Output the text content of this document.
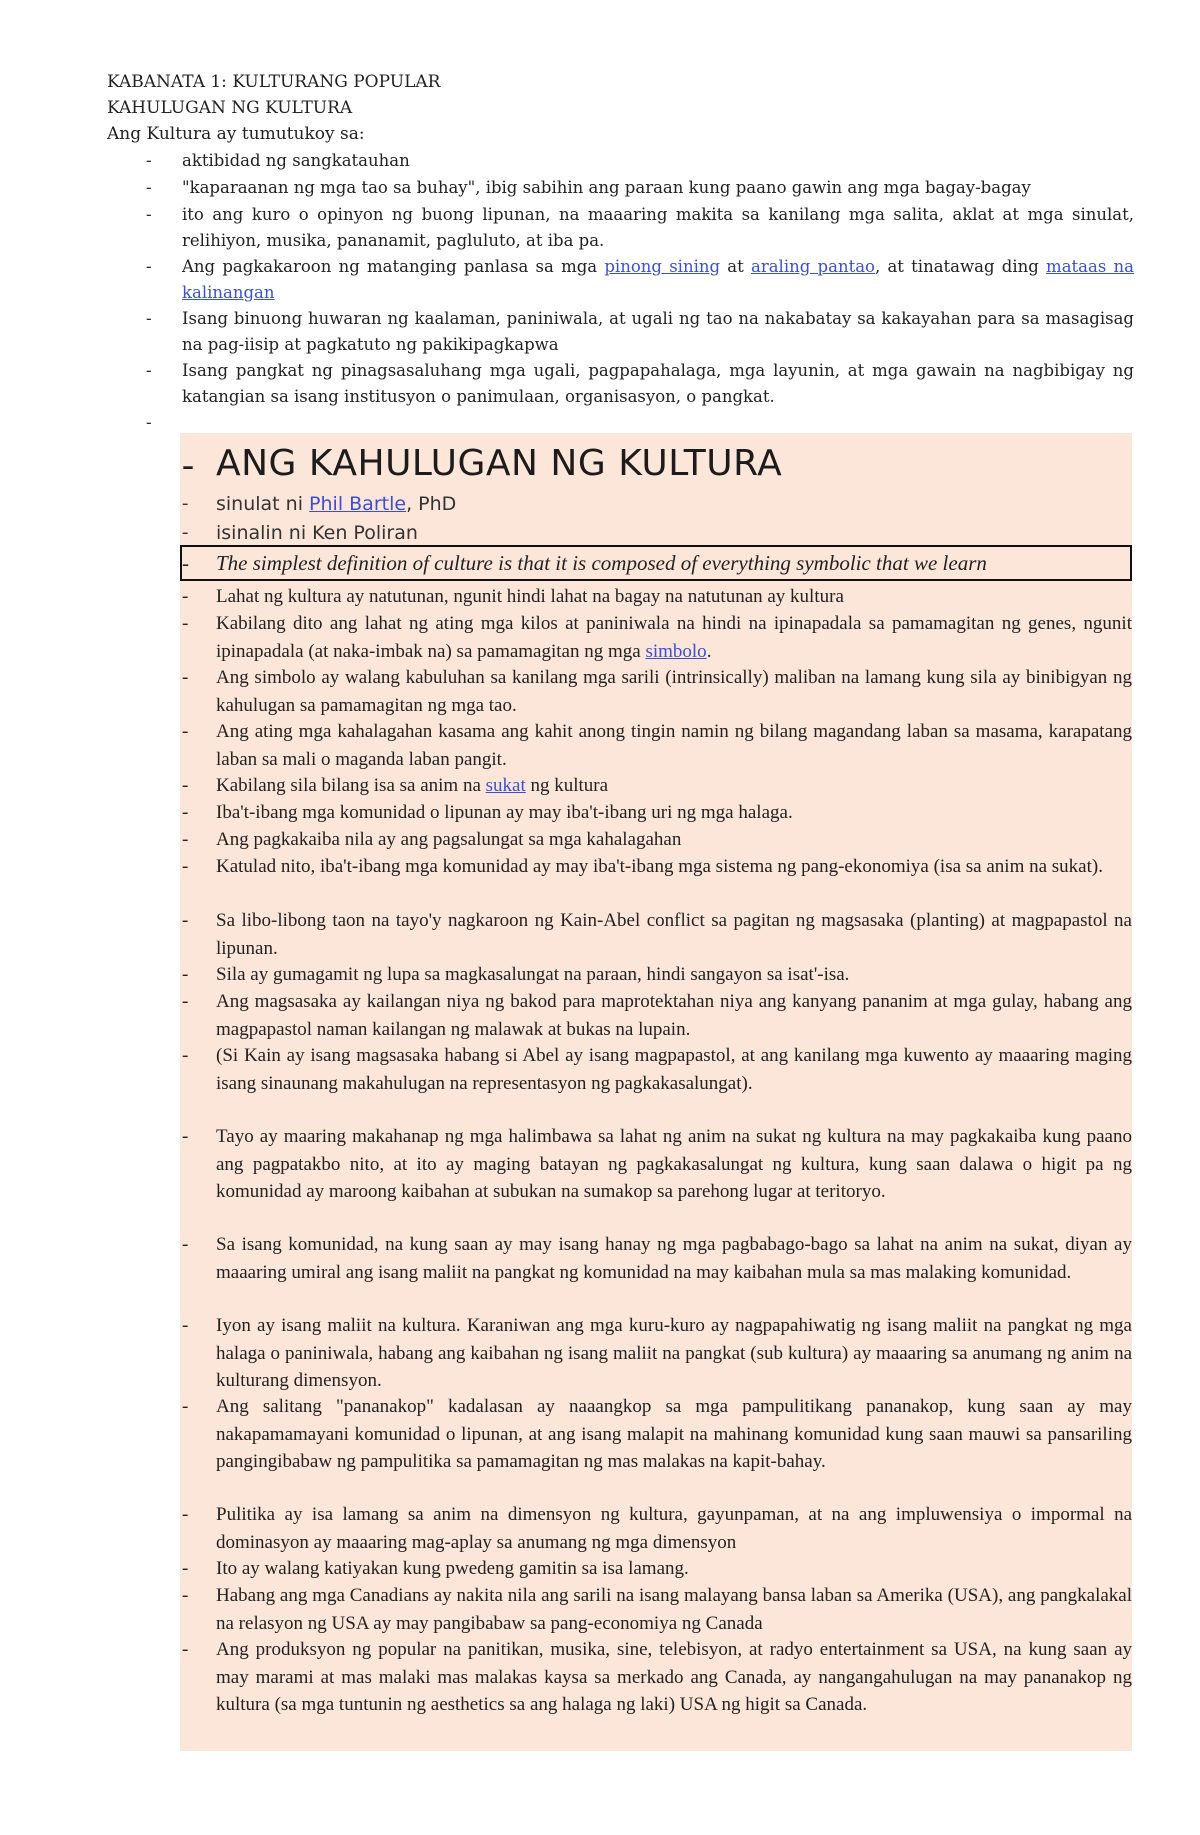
KABANATA 1: KULTURANG POPULAR
KAHULUGAN NG KULTURA
Ang Kultura ay tumutukoy sa:
- aktibidad ng sangkatauhan
- "kaparaanan ng mga tao sa buhay", ibig sabihin ang paraan kung paano gawin ang mga bagay-bagay
- ito ang kuro o opinyon ng buong lipunan, na maaaring makita sa kanilang mga salita, aklat at mga sinulat, relihiyon, musika, pananamit, pagluluto, at iba pa.
- Ang pagkakaroon ng matanging panlasa sa mga pinong sining at araling pantao, at tinatawag ding mataas na kalinangan
- Isang binuong huwaran ng kaalaman, paniniwala, at ugali ng tao na nakabatay sa kakayahan para sa masagisag na pag-iisip at pagkatuto ng pakikipagkapwa
- Isang pangkat ng pinagsasaluhang mga ugali, pagpapahalaga, mga layunin, at mga gawain na nagbibigay ng katangian sa isang institusyon o panimulaan, organisasyon, o pangkat.
- ANG KAHULUGAN NG KULTURA
- sinulat ni Phil Bartle, PhD
- isinalin ni Ken Poliran
- The simplest definition of culture is that it is composed of everything symbolic that we learn
- Lahat ng kultura ay natutunan, ngunit hindi lahat na bagay na natutunan ay kultura
- Kabilang dito ang lahat ng ating mga kilos at paniniwala na hindi na ipinapadala sa pamamagitan ng genes, ngunit ipinapadala (at naka-imbak na) sa pamamagitan ng mga simbolo.
- Ang simbolo ay walang kabuluhan sa kanilang mga sarili (intrinsically) maliban na lamang kung sila ay binibigyan ng kahulugan sa pamamagitan ng mga tao.
- Ang ating mga kahalagahan kasama ang kahit anong tingin namin ng bilang magandang laban sa masama, karapatang laban sa mali o maganda laban pangit.
- Kabilang sila bilang isa sa anim na sukat ng kultura
- Iba't-ibang mga komunidad o lipunan ay may iba't-ibang uri ng mga halaga.
- Ang pagkakaiba nila ay ang pagsalungat sa mga kahalagahan
- Katulad nito, iba't-ibang mga komunidad ay may iba't-ibang mga sistema ng pang-ekonomiya (isa sa anim na sukat).
- Sa libo-libong taon na tayo'y nagkaroon ng Kain-Abel conflict sa pagitan ng magsasaka (planting) at magpapastol na lipunan.
- Sila ay gumagamit ng lupa sa magkasalungat na paraan, hindi sangayon sa isat'-isa.
- Ang magsasaka ay kailangan niya ng bakod para maprotektahan niya ang kanyang pananim at mga gulay, habang ang magpapastol naman kailangan ng malawak at bukas na lupain.
- (Si Kain ay isang magsasaka habang si Abel ay isang magpapastol, at ang kanilang mga kuwento ay maaaring maging isang sinaunang makahulugan na representasyon ng pagkakasalungat).
- Tayo ay maaring makahanap ng mga halimbawa sa lahat ng anim na sukat ng kultura na may pagkakaiba kung paano ang pagpatakbo nito, at ito ay maging batayan ng pagkakasalungat ng kultura, kung saan dalawa o higit pa ng komunidad ay maroong kaibahan at subukan na sumakop sa parehong lugar at teritoryo.
- Sa isang komunidad, na kung saan ay may isang hanay ng mga pagbabago-bago sa lahat na anim na sukat, diyan ay maaaring umiral ang isang maliit na pangkat ng komunidad na may kaibahan mula sa mas malaking komunidad.
- Iyon ay isang maliit na kultura. Karaniwan ang mga kuru-kuro ay nagpapahiwatig ng isang maliit na pangkat ng mga halaga o paniniwala, habang ang kaibahan ng isang maliit na pangkat (sub kultura) ay maaaring sa anumang ng anim na kulturang dimensyon.
- Ang salitang "pananakop" kadalasan ay naaangkop sa mga pampulitikang pananakop, kung saan ay may nakapamamayani komunidad o lipunan, at ang isang malapit na mahinang komunidad kung saan mauwi sa pansariling pangingibabaw ng pampulitika sa pamamagitan ng mas malakas na kapit-bahay.
- Pulitika ay isa lamang sa anim na dimensyon ng kultura, gayunpaman, at na ang impluwensiya o impormal na dominasyon ay maaaring mag-aplay sa anumang ng mga dimensyon
- Ito ay walang katiyakan kung pwedeng gamitin sa isa lamang.
- Habang ang mga Canadians ay nakita nila ang sarili na isang malayang bansa laban sa Amerika (USA), ang pangkalakal na relasyon ng USA ay may pangibabaw sa pang-economiya ng Canada
- Ang produksyon ng popular na panitikan, musika, sine, telebisyon, at radyo entertainment sa USA, na kung saan ay may marami at mas malaki mas malakas kaysa sa merkado ang Canada, ay nangangahulugan na may pananakop ng kultura (sa mga tuntunin ng aesthetics sa ang halaga ng laki) USA ng higit sa Canada.
